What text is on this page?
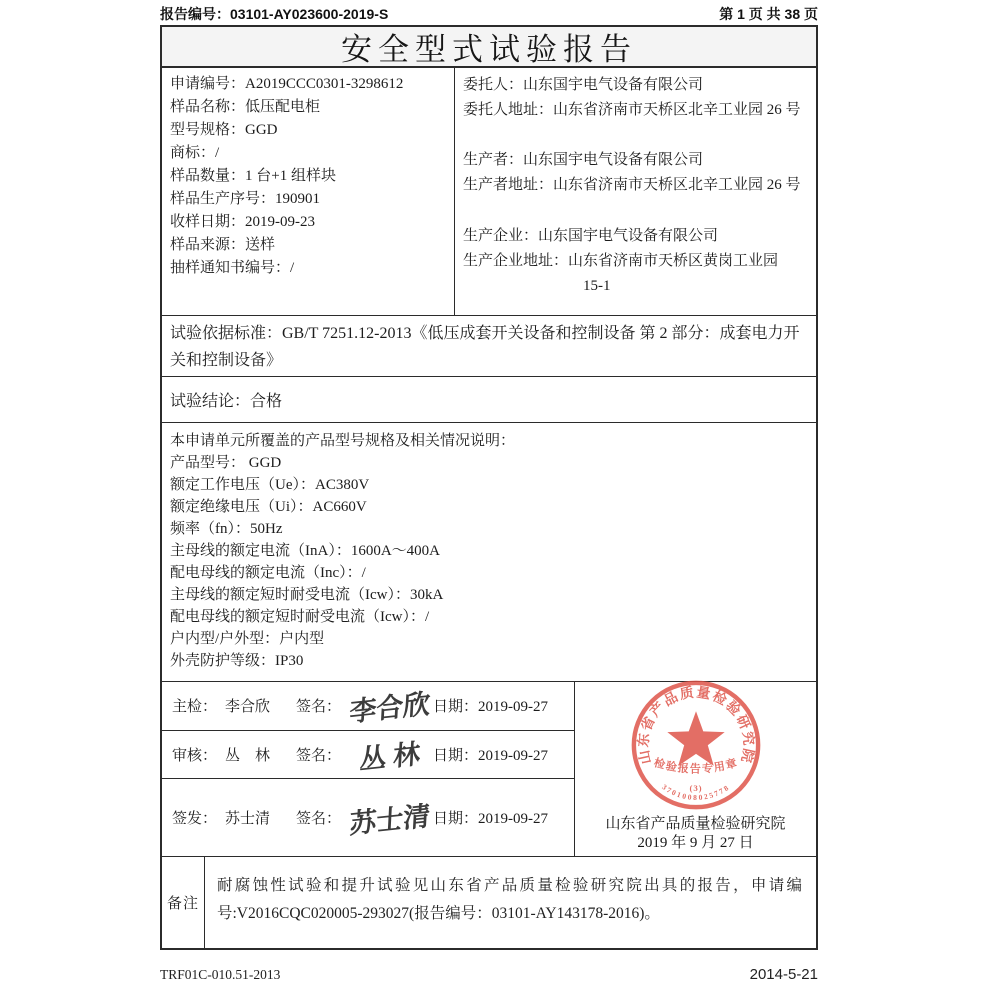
报告编号：03101-AY023600-2019-S	第 1 页 共 38 页
安全型式试验报告
申请编号：A2019CCC0301-3298612
样品名称：低压配电柜
型号规格：GGD
商标：/
样品数量：1 台+1 组样块
样品生产序号：190901
收样日期：2019-09-23
样品来源：送样
抽样通知书编号：/
委托人：山东国宇电气设备有限公司
委托人地址：山东省济南市天桥区北辛工业园 26 号
生产者：山东国宇电气设备有限公司
生产者地址：山东省济南市天桥区北辛工业园 26 号
生产企业：山东国宇电气设备有限公司
生产企业地址：山东省济南市天桥区黄岗工业园
15-1
试验依据标准：GB/T 7251.12-2013《低压成套开关设备和控制设备 第 2 部分：成套电力开关和控制设备》
试验结论：合格
本申请单元所覆盖的产品型号规格及相关情况说明：
产品型号： GGD
额定工作电压（Ue）：AC380V
额定绝缘电压（Ui）：AC660V
频率（fn）：50Hz
主母线的额定电流（InA）：1600A～400A
配电母线的额定电流（Inc）：/
主母线的额定短时耐受电流（Icw）：30kA
配电母线的额定短时耐受电流（Icw）：/
户内型/户外型：户内型
外壳防护等级：IP30
主检： 李合欣 签名： 李合欣 日期：2019-09-27
审核： 丛　林 签名： 丛 林 日期：2019-09-27
签发： 苏士清 签名： 苏士清 日期：2019-09-27
山东省产品质量检验研究院
检验报告专用章
(3)
3701008025778
山东省产品质量检验研究院
2019 年 9 月 27 日
备注
耐腐蚀性试验和提升试验见山东省产品质量检验研究院出具的报告，申请编号:V2016CQC020005-293027(报告编号：03101-AY143178-2016)。
TRF01C-010.51-2013	2014-5-21
